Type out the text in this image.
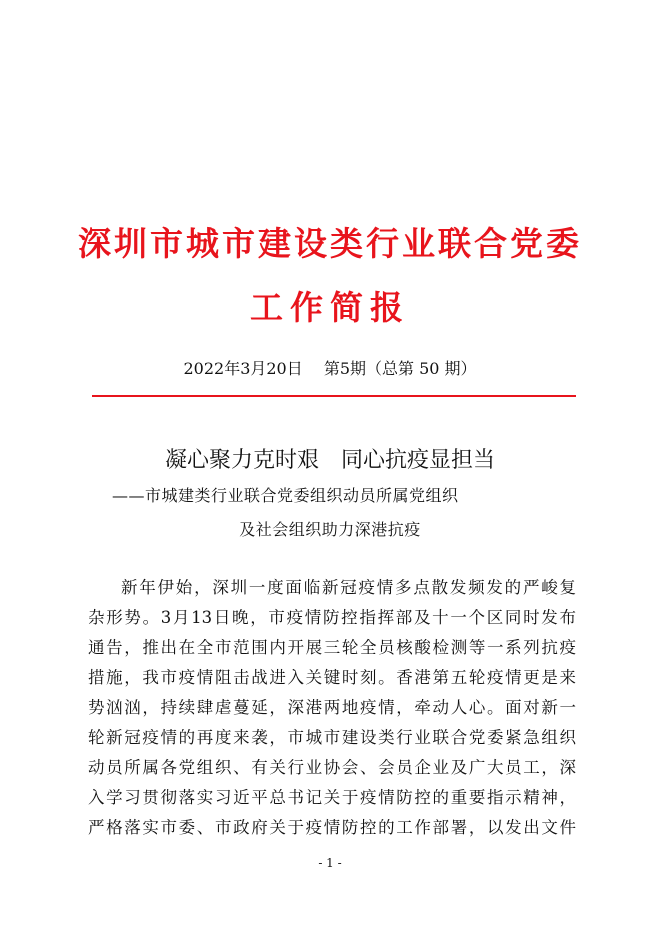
深圳市城市建设类行业联合党委
工作简报
2022年3月20日　 第5期（总第 50 期）
凝心聚力克时艰　同心抗疫显担当
——市城建类行业联合党委组织动员所属党组织
及社会组织助力深港抗疫
新年伊始，深圳一度面临新冠疫情多点散发频发的严峻复
杂形势。3月13日晚，市疫情防控指挥部及十一个区同时发布
通告，推出在全市范围内开展三轮全员核酸检测等一系列抗疫
措施，我市疫情阻击战进入关键时刻。香港第五轮疫情更是来
势汹汹，持续肆虐蔓延，深港两地疫情，牵动人心。面对新一
轮新冠疫情的再度来袭，市城市建设类行业联合党委紧急组织
动员所属各党组织、有关行业协会、会员企业及广大员工，深
入学习贯彻落实习近平总书记关于疫情防控的重要指示精神，
严格落实市委、市政府关于疫情防控的工作部署，以发出文件
- 1 -
